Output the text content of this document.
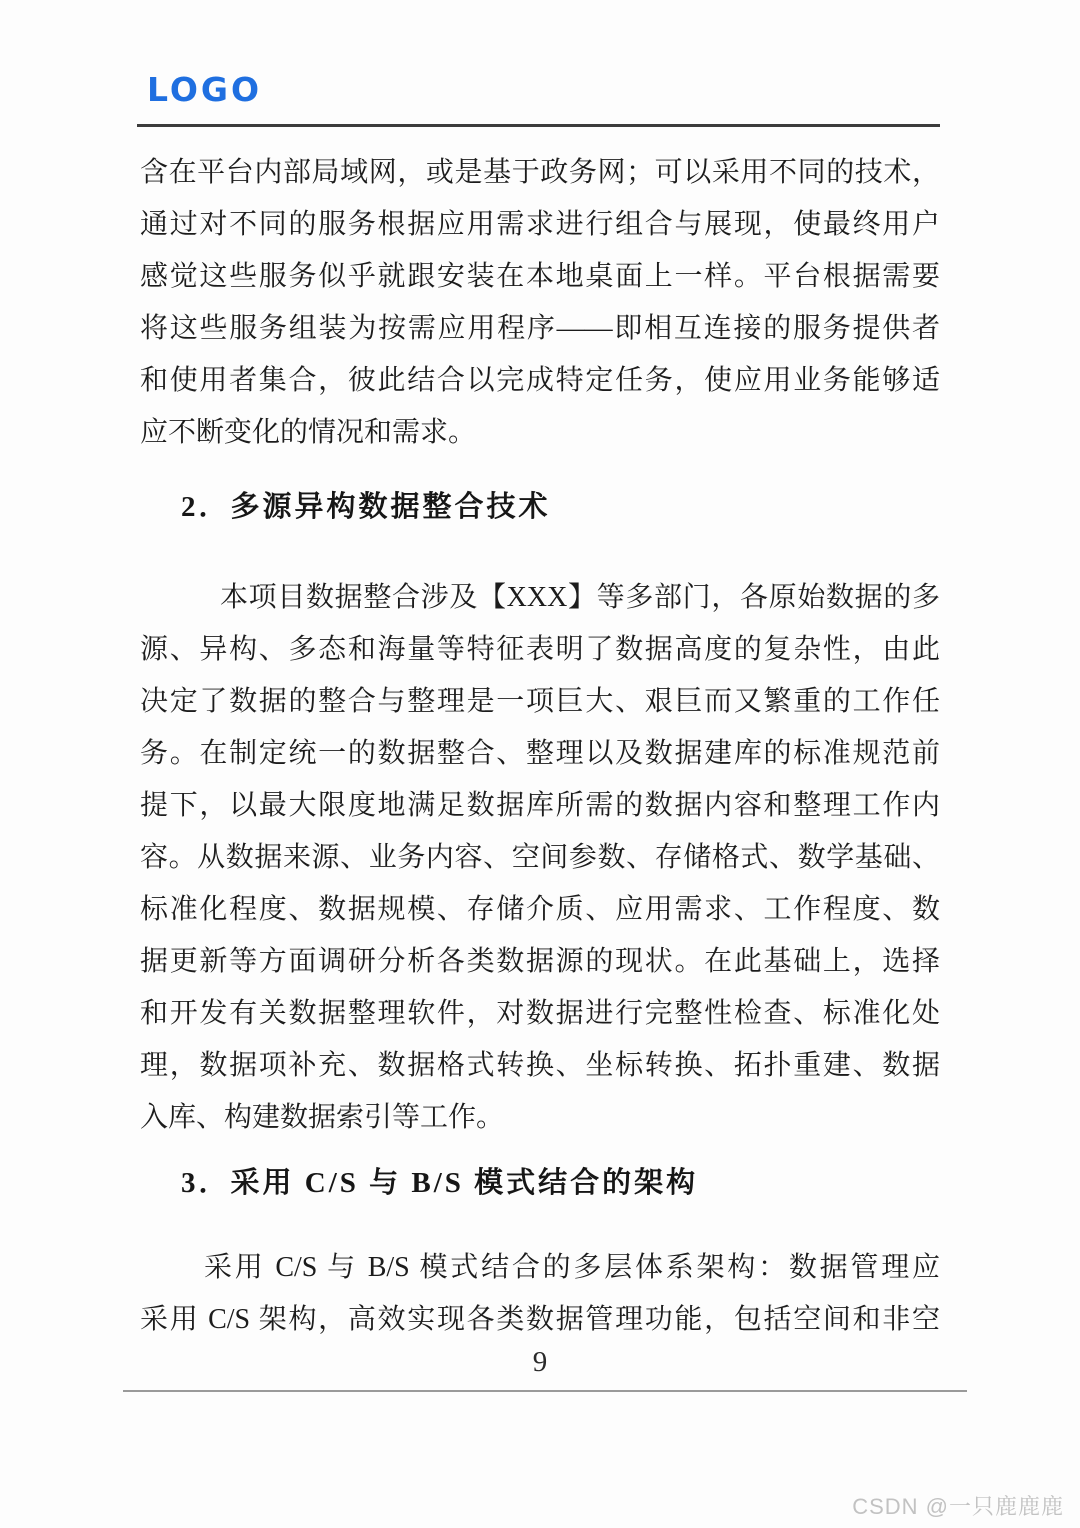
LOGO
含在平台内部局域网，或是基于政务网；可以采用不同的技术，
通过对不同的服务根据应用需求进行组合与展现，使最终用户
感觉这些服务似乎就跟安装在本地桌面上一样。平台根据需要
将这些服务组装为按需应用程序——即相互连接的服务提供者
和使用者集合，彼此结合以完成特定任务，使应用业务能够适
应不断变化的情况和需求。
2．多源异构数据整合技术
本项目数据整合涉及【XXX】等多部门，各原始数据的多
源、异构、多态和海量等特征表明了数据高度的复杂性，由此
决定了数据的整合与整理是一项巨大、艰巨而又繁重的工作任
务。在制定统一的数据整合、整理以及数据建库的标准规范前
提下，以最大限度地满足数据库所需的数据内容和整理工作内
容。从数据来源、业务内容、空间参数、存储格式、数学基础、
标准化程度、数据规模、存储介质、应用需求、工作程度、数
据更新等方面调研分析各类数据源的现状。在此基础上，选择
和开发有关数据整理软件，对数据进行完整性检查、标准化处
理，数据项补充、数据格式转换、坐标转换、拓扑重建、数据
入库、构建数据索引等工作。
3．采用 C/S 与 B/S 模式结合的架构
采用 C/S 与 B/S 模式结合的多层体系架构：数据管理应
采用 C/S 架构，高效实现各类数据管理功能，包括空间和非空
9
CSDN @一只鹿鹿鹿
